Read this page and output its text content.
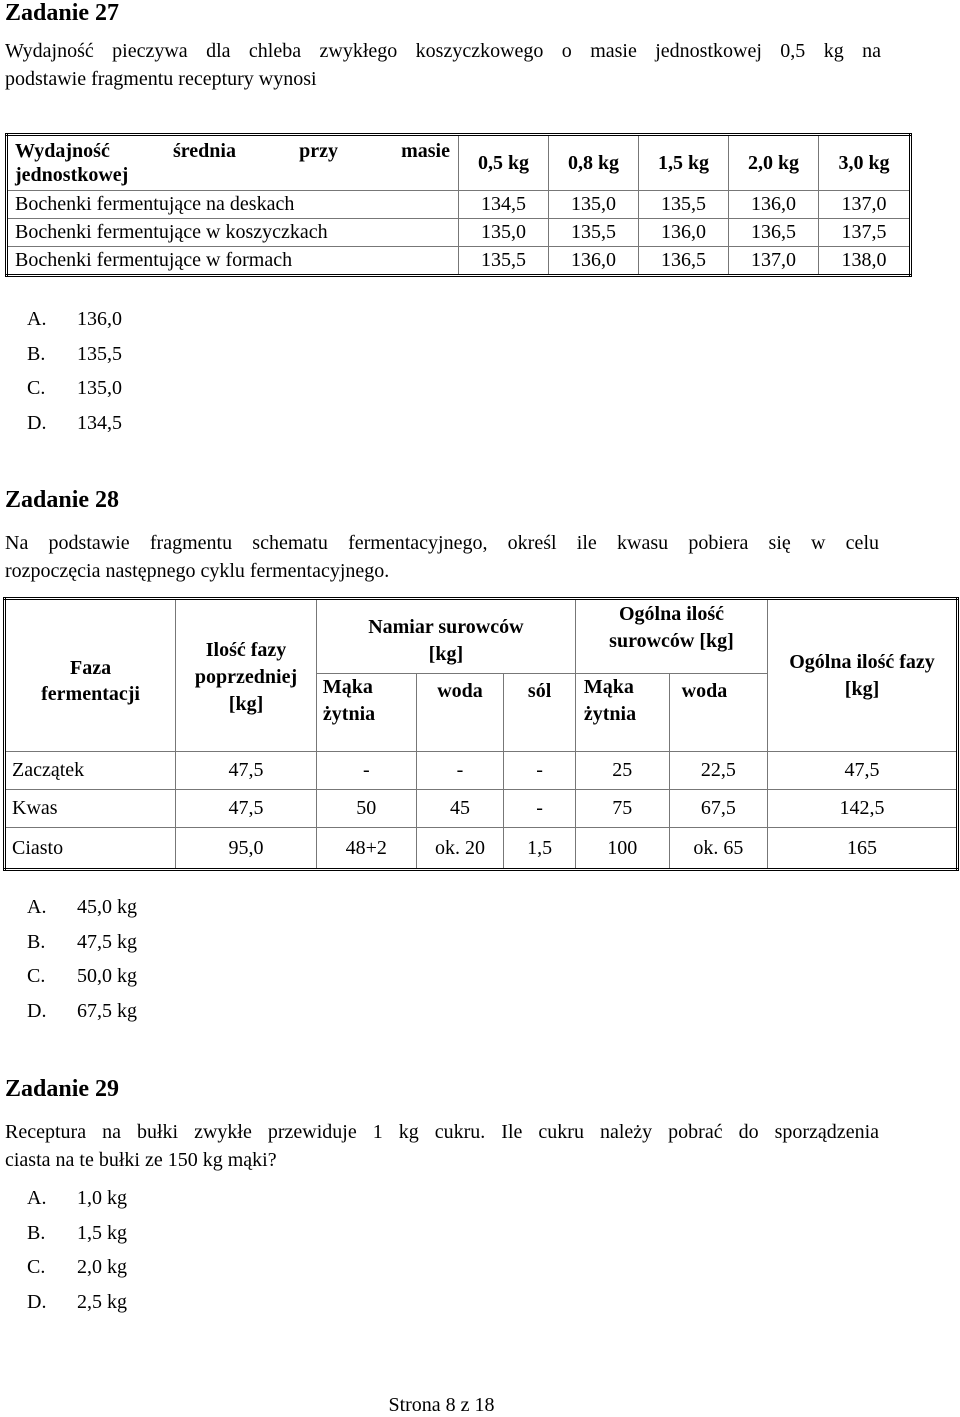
Zadanie 27
Wydajność pieczywa dla chleba zwykłego koszyczkowego o masie jednostkowej 0,5 kg na
podstawie fragmentu receptury wynosi
Wydajność średnia przy masie
jednostkowej	0,5 kg	0,8 kg	1,5 kg	2,0 kg	3,0 kg
Bochenki fermentujące na deskach	134,5	135,0	135,5	136,0	137,0
Bochenki fermentujące w koszyczkach	135,0	135,5	136,0	136,5	137,5
Bochenki fermentujące w formach	135,5	136,0	136,5	137,0	138,0
A.	136,0
B.	135,5
C.	135,0
D.	134,5
Zadanie 28
Na podstawie fragmentu schematu fermentacyjnego, określ ile kwasu pobiera się w celu
rozpoczęcia następnego cyklu fermentacyjnego.
Faza fermentacji	Ilość fazy poprzedniej [kg]	Namiar surowców [kg]			Ogólna ilość surowców [kg]		Ogólna ilość fazy [kg]

		Mąka żytnia	woda	sól	Mąka żytnia	woda	
Zaczątek	47,5	-	-	-	25	22,5	47,5
Kwas	47,5	50	45	-	75	67,5	142,5
Ciasto	95,0	48+2	ok. 20	1,5	100	ok. 65	165
A.	45,0 kg
B.	47,5 kg
C.	50,0 kg
D.	67,5 kg
Zadanie 29
Receptura na bułki zwykłe przewiduje 1 kg cukru. Ile cukru należy pobrać do sporządzenia
ciasta na te bułki ze 150 kg mąki?
A.	1,0 kg
B.	1,5 kg
C.	2,0 kg
D.	2,5 kg
Strona 8 z 18
